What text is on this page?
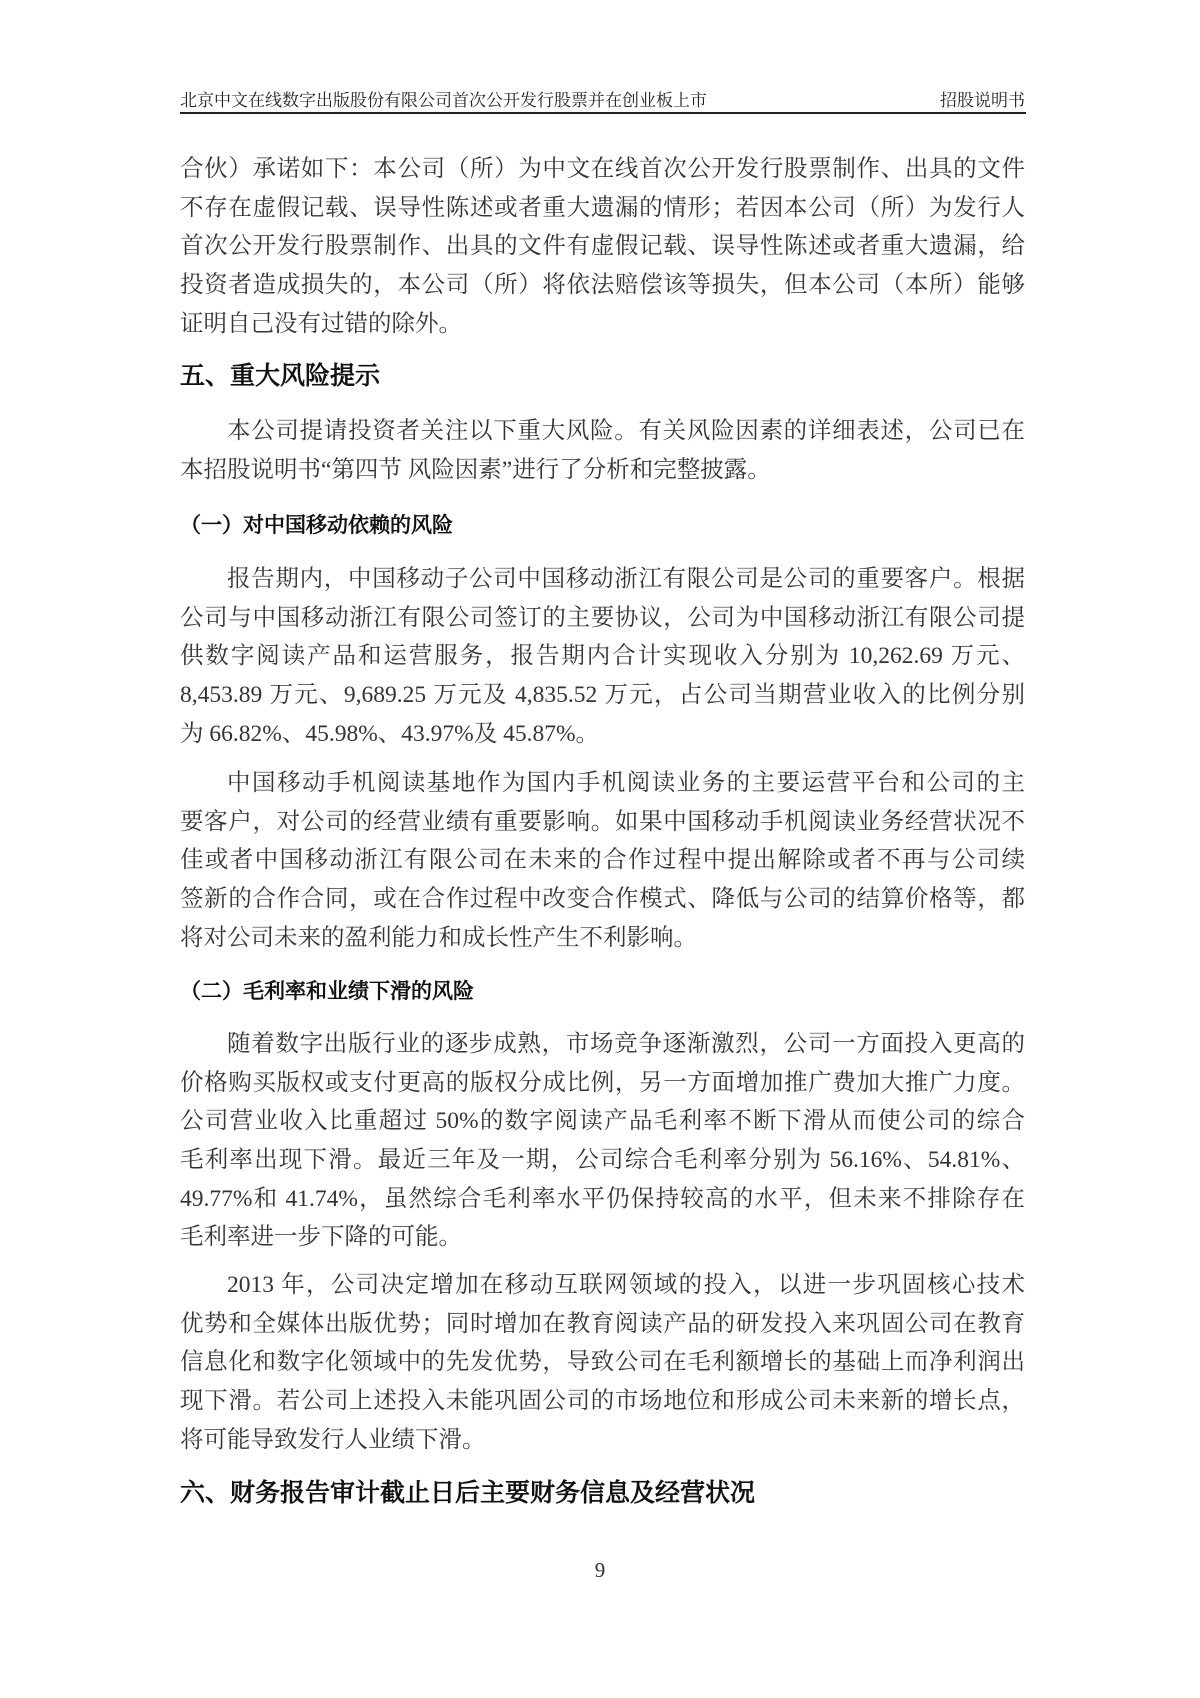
北京中文在线数字出版股份有限公司首次公开发行股票并在创业板上市	招股说明书
合伙）承诺如下：本公司（所）为中文在线首次公开发行股票制作、出具的文件
不存在虚假记载、误导性陈述或者重大遗漏的情形；若因本公司（所）为发行人
首次公开发行股票制作、出具的文件有虚假记载、误导性陈述或者重大遗漏，给
投资者造成损失的，本公司（所）将依法赔偿该等损失，但本公司（本所）能够
证明自己没有过错的除外。
五、重大风险提示
本公司提请投资者关注以下重大风险。有关风险因素的详细表述，公司已在
本招股说明书“第四节 风险因素”进行了分析和完整披露。
（一）对中国移动依赖的风险
报告期内，中国移动子公司中国移动浙江有限公司是公司的重要客户。根据
公司与中国移动浙江有限公司签订的主要协议，公司为中国移动浙江有限公司提
供数字阅读产品和运营服务，报告期内合计实现收入分别为 10,262.69 万元、
8,453.89 万元、9,689.25 万元及 4,835.52 万元，占公司当期营业收入的比例分别
为 66.82%、45.98%、43.97%及 45.87%。
中国移动手机阅读基地作为国内手机阅读业务的主要运营平台和公司的主
要客户，对公司的经营业绩有重要影响。如果中国移动手机阅读业务经营状况不
佳或者中国移动浙江有限公司在未来的合作过程中提出解除或者不再与公司续
签新的合作合同，或在合作过程中改变合作模式、降低与公司的结算价格等，都
将对公司未来的盈利能力和成长性产生不利影响。
（二）毛利率和业绩下滑的风险
随着数字出版行业的逐步成熟，市场竞争逐渐激烈，公司一方面投入更高的
价格购买版权或支付更高的版权分成比例，另一方面增加推广费加大推广力度。
公司营业收入比重超过 50%的数字阅读产品毛利率不断下滑从而使公司的综合
毛利率出现下滑。最近三年及一期，公司综合毛利率分别为 56.16%、54.81%、
49.77%和 41.74%，虽然综合毛利率水平仍保持较高的水平，但未来不排除存在
毛利率进一步下降的可能。
2013 年，公司决定增加在移动互联网领域的投入，以进一步巩固核心技术
优势和全媒体出版优势；同时增加在教育阅读产品的研发投入来巩固公司在教育
信息化和数字化领域中的先发优势，导致公司在毛利额增长的基础上而净利润出
现下滑。若公司上述投入未能巩固公司的市场地位和形成公司未来新的增长点，
将可能导致发行人业绩下滑。
六、财务报告审计截止日后主要财务信息及经营状况
9
